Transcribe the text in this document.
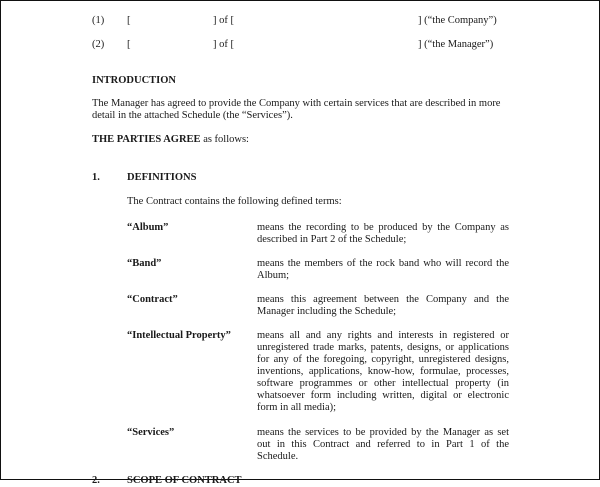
(1) [	] of [	] (“the Company”)
(2) [	] of [	] (“the Manager”)
INTRODUCTION
The Manager has agreed to provide the Company with certain services that are described in more detail in the attached Schedule (the “Services”).
THE PARTIES AGREE as follows:
1.	DEFINITIONS
The Contract contains the following defined terms:
“Album”	means the recording to be produced by the Company as described in Part 2 of the Schedule;
“Band”	means the members of the rock band who will record the Album;
“Contract”	means this agreement between the Company and the Manager including the Schedule;
“Intellectual Property” means all and any rights and interests in registered or unregistered trade marks, patents, designs, or applications for any of the foregoing, copyright, unregistered designs, inventions, applications, know-how, formulae, processes, software programmes or other intellectual property (in whatsoever form including written, digital or electronic form in all media);
“Services”	means the services to be provided by the Manager as set out in this Contract and referred to in Part 1 of the Schedule.
2.	SCOPE OF CONTRACT
